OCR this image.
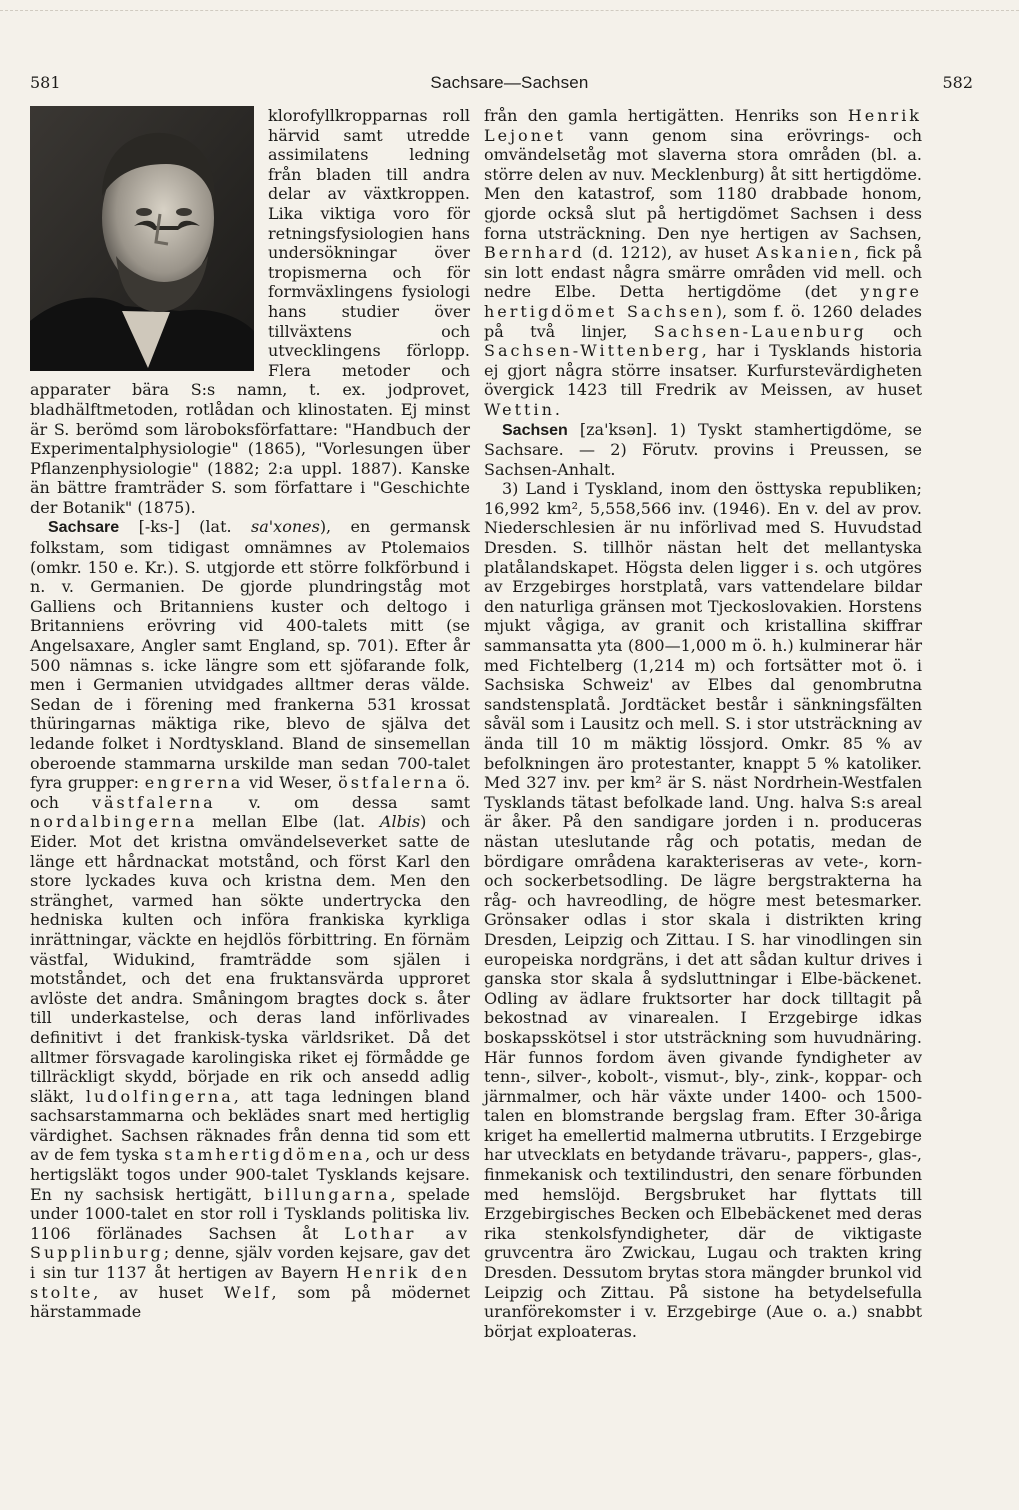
581	Sachsare—Sachsen	582

klorofyllkropparnas roll härvid samt utredde assimilatens ledning från bladen till andra delar av växtkroppen. Lika viktiga voro för retningsfysiologien hans undersökningar över tropismerna och för formväxlingens fysiologi hans studier över tillväxtens och utvecklingens förlopp. Flera metoder och apparater bära S:s namn, t. ex. jodprovet, bladhälftmetoden, rotlådan och klinostaten. Ej minst är S. berömd som läroboksförfattare: "Handbuch der Experimentalphysiologie" (1865), "Vorlesungen über Pflanzenphysiologie" (1882; 2:a uppl. 1887). Kanske än bättre framträder S. som författare i "Geschichte der Botanik" (1875).

Sachsare [-ks-] (lat. sa'xones), en germansk folkstam, som tidigast omnämnes av Ptolemaios (omkr. 150 e. Kr.). S. utgjorde ett större folkförbund i n. v. Germanien. De gjorde plundringståg mot Galliens och Britanniens kuster och deltogo i Britanniens erövring vid 400-talets mitt (se Angelsaxare, Angler samt England, sp. 701). Efter år 500 nämnas s. icke längre som ett sjöfarande folk, men i Germanien utvidgades alltmer deras välde. Sedan de i förening med frankerna 531 krossat thüringarnas mäktiga rike, blevo de själva det ledande folket i Nordtyskland. Bland de sinsemellan oberoende stammarna urskilde man sedan 700-talet fyra grupper: engrerna vid Weser, östfalerna ö. och västfalerna v. om dessa samt nordalbingerna mellan Elbe (lat. Albis) och Eider. Mot det kristna omvändelseverket satte de länge ett hårdnackat motstånd, och först Karl den store lyckades kuva och kristna dem. Men den stränghet, varmed han sökte undertrycka den hedniska kulten och införa frankiska kyrkliga inrättningar, väckte en hejdlös förbittring. En förnäm västfal, Widukind, framträdde som själen i motståndet, och det ena fruktansvärda upproret avlöste det andra. Småningom bragtes dock s. åter till underkastelse, och deras land införlivades definitivt i det frankisk-tyska världsriket. Då det alltmer försvagade karolingiska riket ej förmådde ge tillräckligt skydd, började en rik och ansedd adlig släkt, ludolfingerna, att taga ledningen bland sachsarstammarna och beklädes snart med hertiglig värdighet. Sachsen räknades från denna tid som ett av de fem tyska stamhertigdömena, och ur dess hertigsläkt togos under 900-talet Tysklands kejsare. En ny sachsisk hertigätt, billungarna, spelade under 1000-talet en stor roll i Tysklands politiska liv. 1106 förlänades Sachsen åt Lothar av Supplinburg; denne, själv vorden kejsare, gav det i sin tur 1137 åt hertigen av Bayern Henrik den stolte, av huset Welf, som på mödernet härstammade

från den gamla hertigätten. Henriks son Henrik Lejonet vann genom sina erövrings- och omvändelsetåg mot slaverna stora områden (bl. a. större delen av nuv. Mecklenburg) åt sitt hertigdöme. Men den katastrof, som 1180 drabbade honom, gjorde också slut på hertigdömet Sachsen i dess forna utsträckning. Den nye hertigen av Sachsen, Bernhard (d. 1212), av huset Askanien, fick på sin lott endast några smärre områden vid mell. och nedre Elbe. Detta hertigdöme (det yngre hertigdömet Sachsen), som f. ö. 1260 delades på två linjer, Sachsen-Lauenburg och Sachsen-Wittenberg, har i Tysklands historia ej gjort några större insatser. Kurfurstevärdigheten övergick 1423 till Fredrik av Meissen, av huset Wettin.

Sachsen [za'ksən]. 1) Tyskt stamhertigdöme, se Sachsare. — 2) Förutv. provins i Preussen, se Sachsen-Anhalt.

3) Land i Tyskland, inom den östtyska republiken; 16,992 km², 5,558,566 inv. (1946). En v. del av prov. Niederschlesien är nu införlivad med S. Huvudstad Dresden. S. tillhör nästan helt det mellantyska platålandskapet. Högsta delen ligger i s. och utgöres av Erzgebirges horstplatå, vars vattendelare bildar den naturliga gränsen mot Tjeckoslovakien. Horstens mjukt vågiga, av granit och kristallina skiffrar sammansatta yta (800—1,000 m ö. h.) kulminerar här med Fichtelberg (1,214 m) och fortsätter mot ö. i Sachsiska Schweiz' av Elbes dal genombrutna sandstensplatå. Jordtäcket består i sänkningsfälten såväl som i Lausitz och mell. S. i stor utsträckning av ända till 10 m mäktig lössjord. Omkr. 85 % av befolkningen äro protestanter, knappt 5 % katoliker. Med 327 inv. per km² är S. näst Nordrhein-Westfalen Tysklands tätast befolkade land. Ung. halva S:s areal är åker. På den sandigare jorden i n. produceras nästan uteslutande råg och potatis, medan de bördigare områdena karakteriseras av vete-, korn- och sockerbetsodling. De lägre bergstrakterna ha råg- och havreodling, de högre mest betesmarker. Grönsaker odlas i stor skala i distrikten kring Dresden, Leipzig och Zittau. I S. har vinodlingen sin europeiska nordgräns, i det att sådan kultur drives i ganska stor skala å sydsluttningar i Elbe-bäckenet. Odling av ädlare fruktsorter har dock tilltagit på bekostnad av vinarealen. I Erzgebirge idkas boskapsskötsel i stor utsträckning som huvudnäring. Här funnos fordom även givande fyndigheter av tenn-, silver-, kobolt-, vismut-, bly-, zink-, koppar- och järnmalmer, och här växte under 1400- och 1500-talen en blomstrande bergslag fram. Efter 30-åriga kriget ha emellertid malmerna utbrutits. I Erzgebirge har utvecklats en betydande trävaru-, pappers-, glas-, finmekanisk och textilindustri, den senare förbunden med hemslöjd. Bergsbruket har flyttats till Erzgebirgisches Becken och Elbebäckenet med deras rika stenkolsfyndigheter, där de viktigaste gruvcentra äro Zwickau, Lugau och trakten kring Dresden. Dessutom brytas stora mängder brunkol vid Leipzig och Zittau. På sistone ha betydelsefulla uranförekomster i v. Erzgebirge (Aue o. a.) snabbt börjat exploateras.
